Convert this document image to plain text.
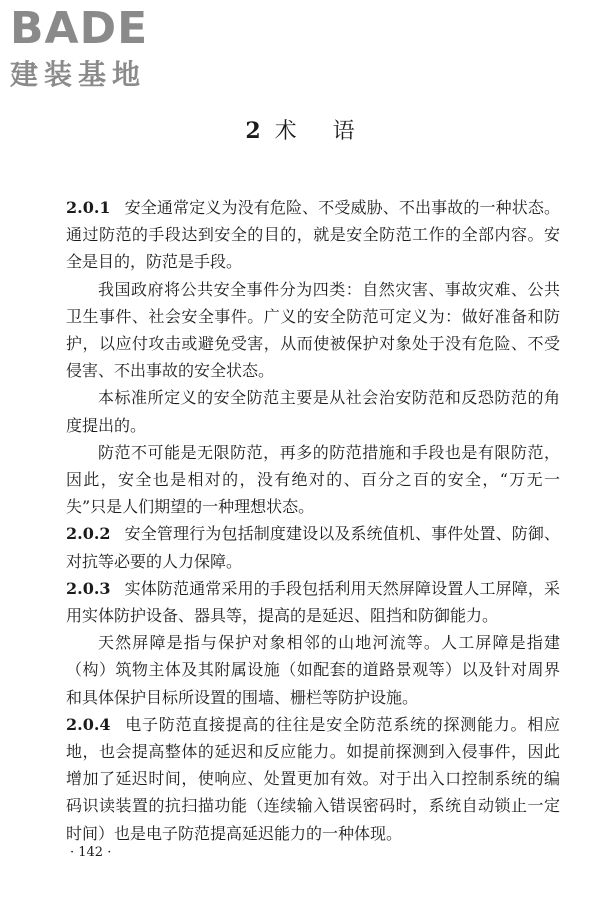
BADE
建装基地
2 术 语

2.0.1 安全通常定义为没有危险、不受威胁、不出事故的一种状态。通过防范的手段达到安全的目的，就是安全防范工作的全部内容。安全是目的，防范是手段。

我国政府将公共安全事件分为四类：自然灾害、事故灾难、公共卫生事件、社会安全事件。广义的安全防范可定义为：做好准备和防护，以应付攻击或避免受害，从而使被保护对象处于没有危险、不受侵害、不出事故的安全状态。

本标准所定义的安全防范主要是从社会治安防范和反恐防范的角度提出的。

防范不可能是无限防范，再多的防范措施和手段也是有限防范，因此，安全也是相对的，没有绝对的、百分之百的安全，“万无一失”只是人们期望的一种理想状态。

2.0.2 安全管理行为包括制度建设以及系统值机、事件处置、防御、对抗等必要的人力保障。

2.0.3 实体防范通常采用的手段包括利用天然屏障设置人工屏障，采用实体防护设备、器具等，提高的是延迟、阻挡和防御能力。

天然屏障是指与保护对象相邻的山地河流等。人工屏障是指建（构）筑物主体及其附属设施（如配套的道路景观等）以及针对周界和具体保护目标所设置的围墙、栅栏等防护设施。

2.0.4 电子防范直接提高的往往是安全防范系统的探测能力。相应地，也会提高整体的延迟和反应能力。如提前探测到入侵事件，因此增加了延迟时间，使响应、处置更加有效。对于出入口控制系统的编码识读装置的抗扫描功能（连续输入错误密码时，系统自动锁止一定时间）也是电子防范提高延迟能力的一种体现。

· 142 ·
